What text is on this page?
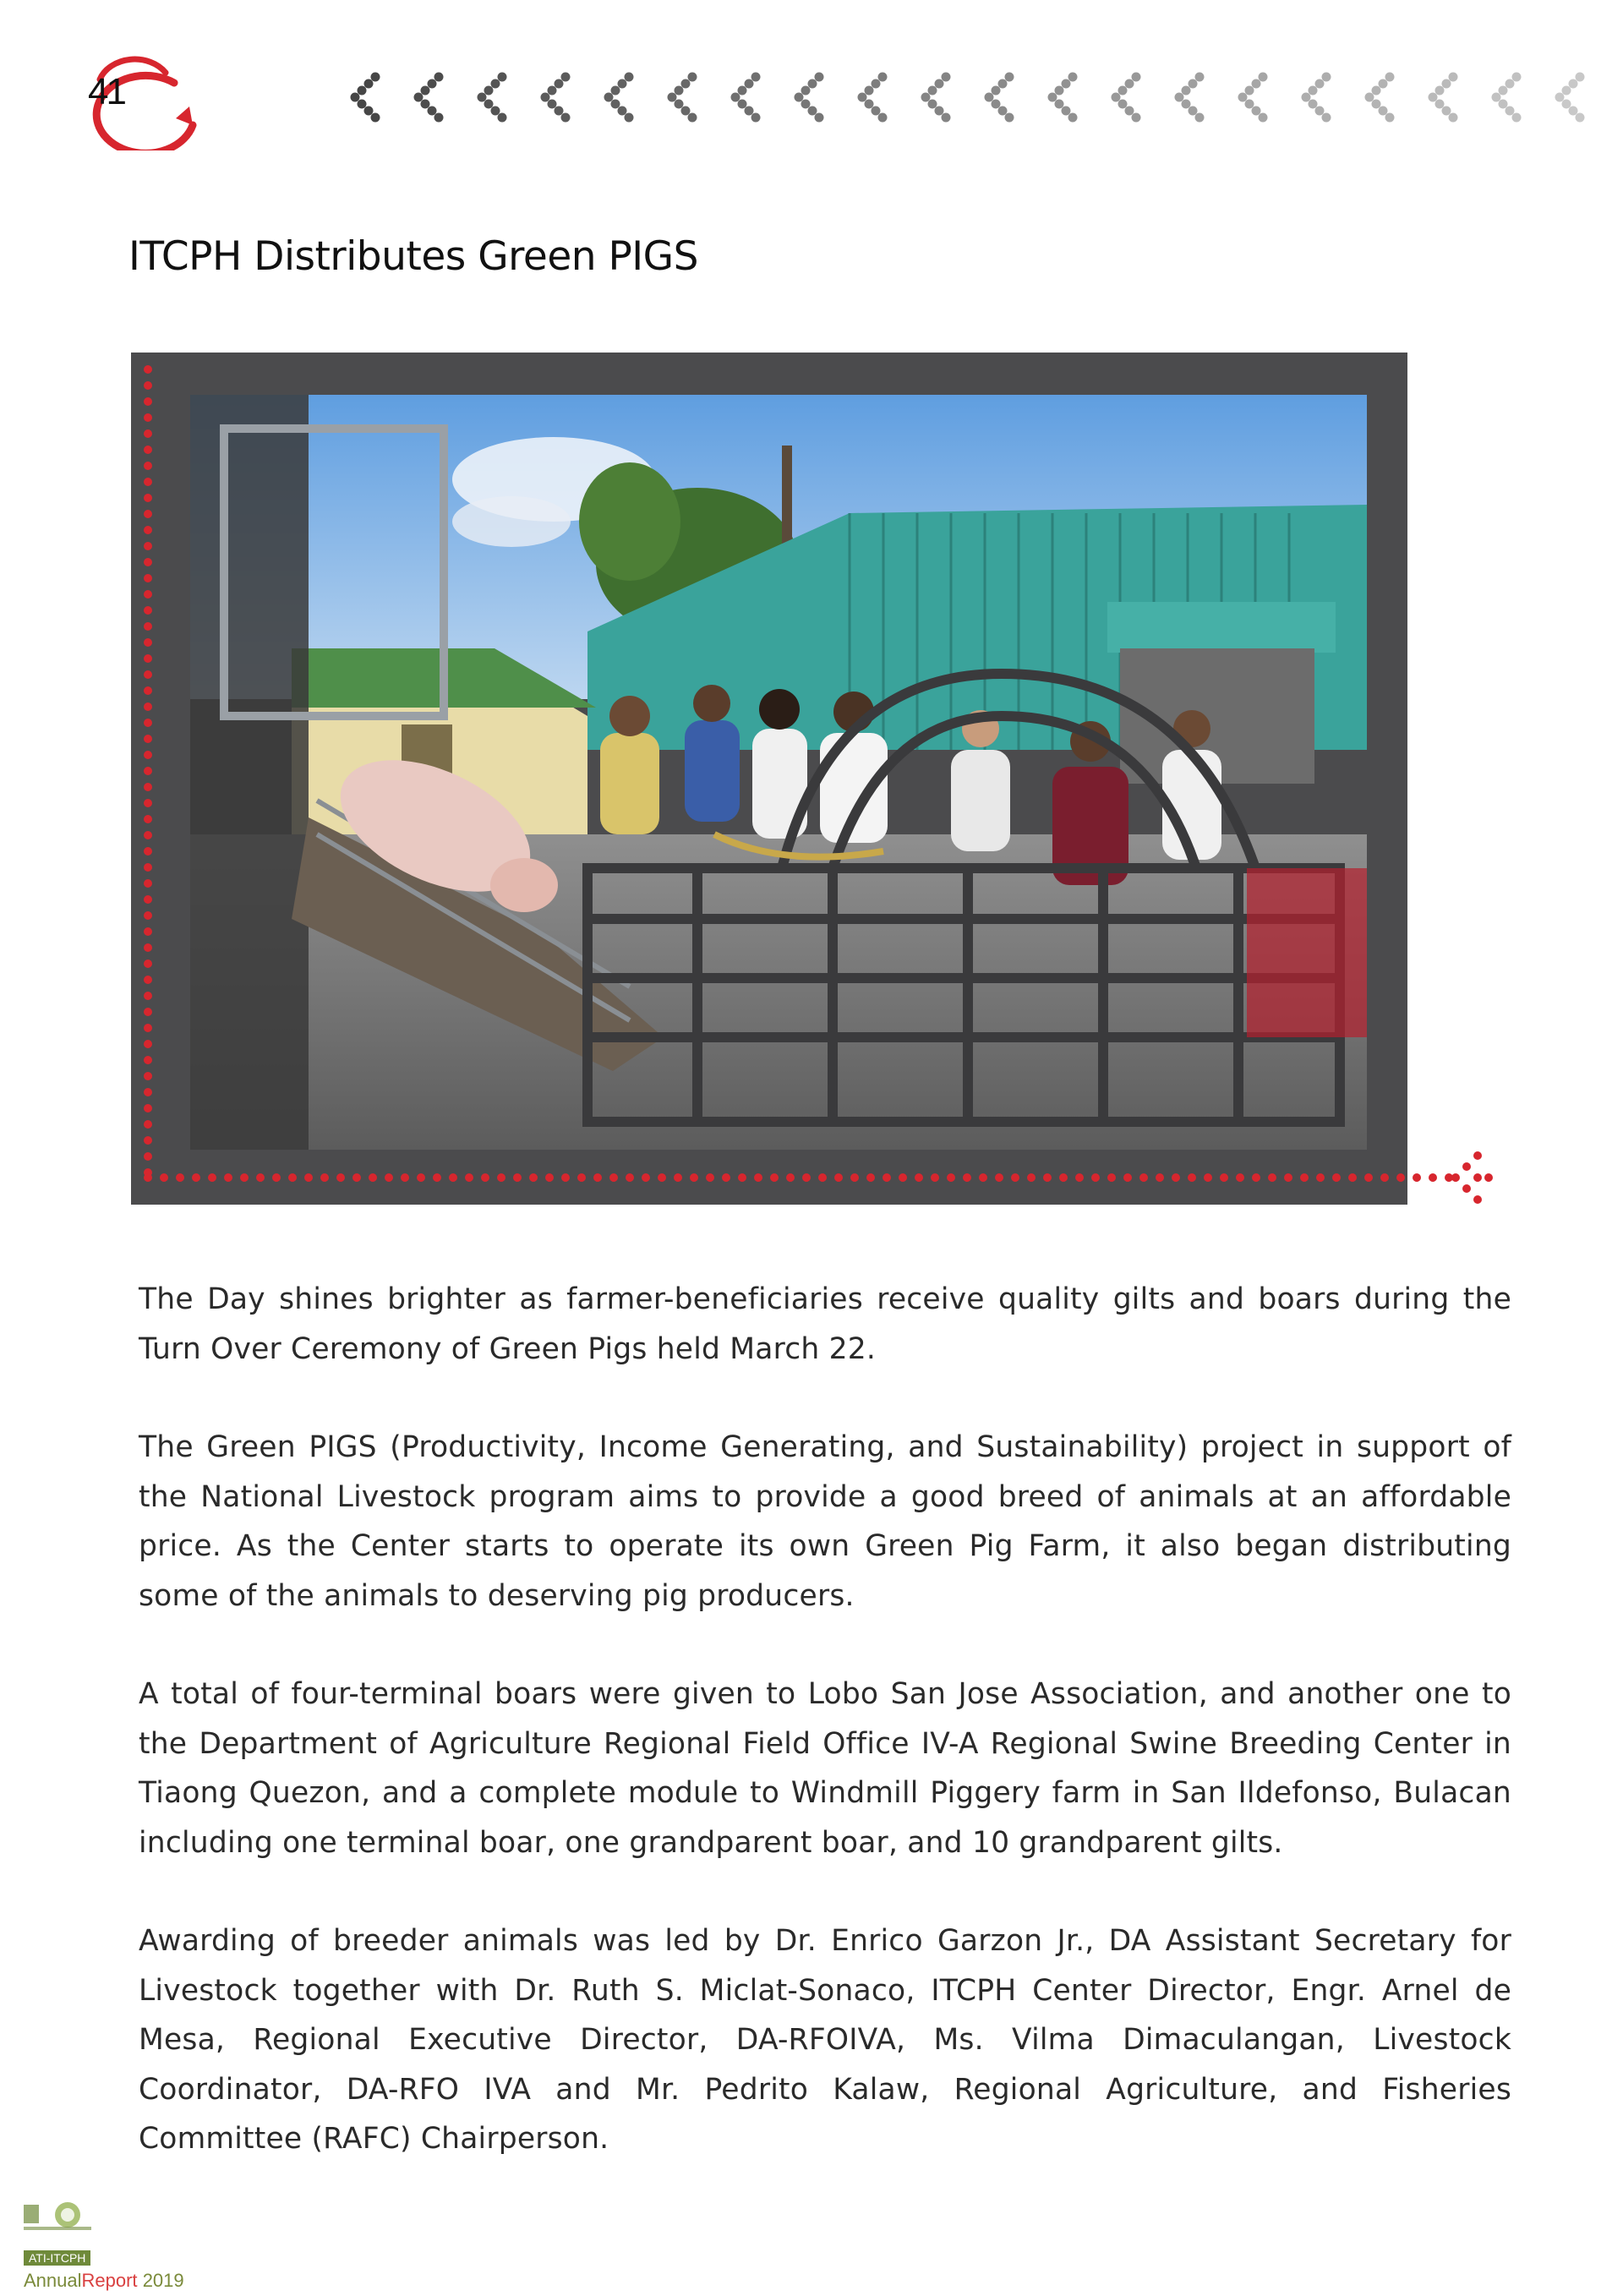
41
ITCPH Distributes Green PIGS

The Day shines brighter as farmer-beneficiaries receive quality gilts and boars during the Turn Over Ceremony of Green Pigs held March 22.

The Green PIGS (Productivity, Income Generating, and Sustainability) project in support of the National Livestock program aims to provide a good breed of animals at an affordable price. As the Center starts to operate its own Green Pig Farm, it also began distributing some of the animals to deserving pig producers.

A total of four-terminal boars were given to Lobo San Jose Association, and another one to the Department of Agriculture Regional Field Office IV-A Regional Swine Breeding Center in Tiaong Quezon, and a complete module to Windmill Piggery farm in San Ildefonso, Bulacan including one terminal boar, one grandparent boar, and 10 grandparent gilts.

Awarding of breeder animals was led by Dr. Enrico Garzon Jr., DA Assistant Secretary for Livestock together with Dr. Ruth S. Miclat-Sonaco, ITCPH Center Director, Engr. Arnel de Mesa, Regional Executive Director, DA-RFOIVA, Ms. Vilma Dimaculangan, Livestock Coordinator, DA-RFO IVA and Mr. Pedrito Kalaw, Regional Agriculture, and Fisheries Committee (RAFC) Chairperson.

ATI-ITCPH
AnnualReport 2019
